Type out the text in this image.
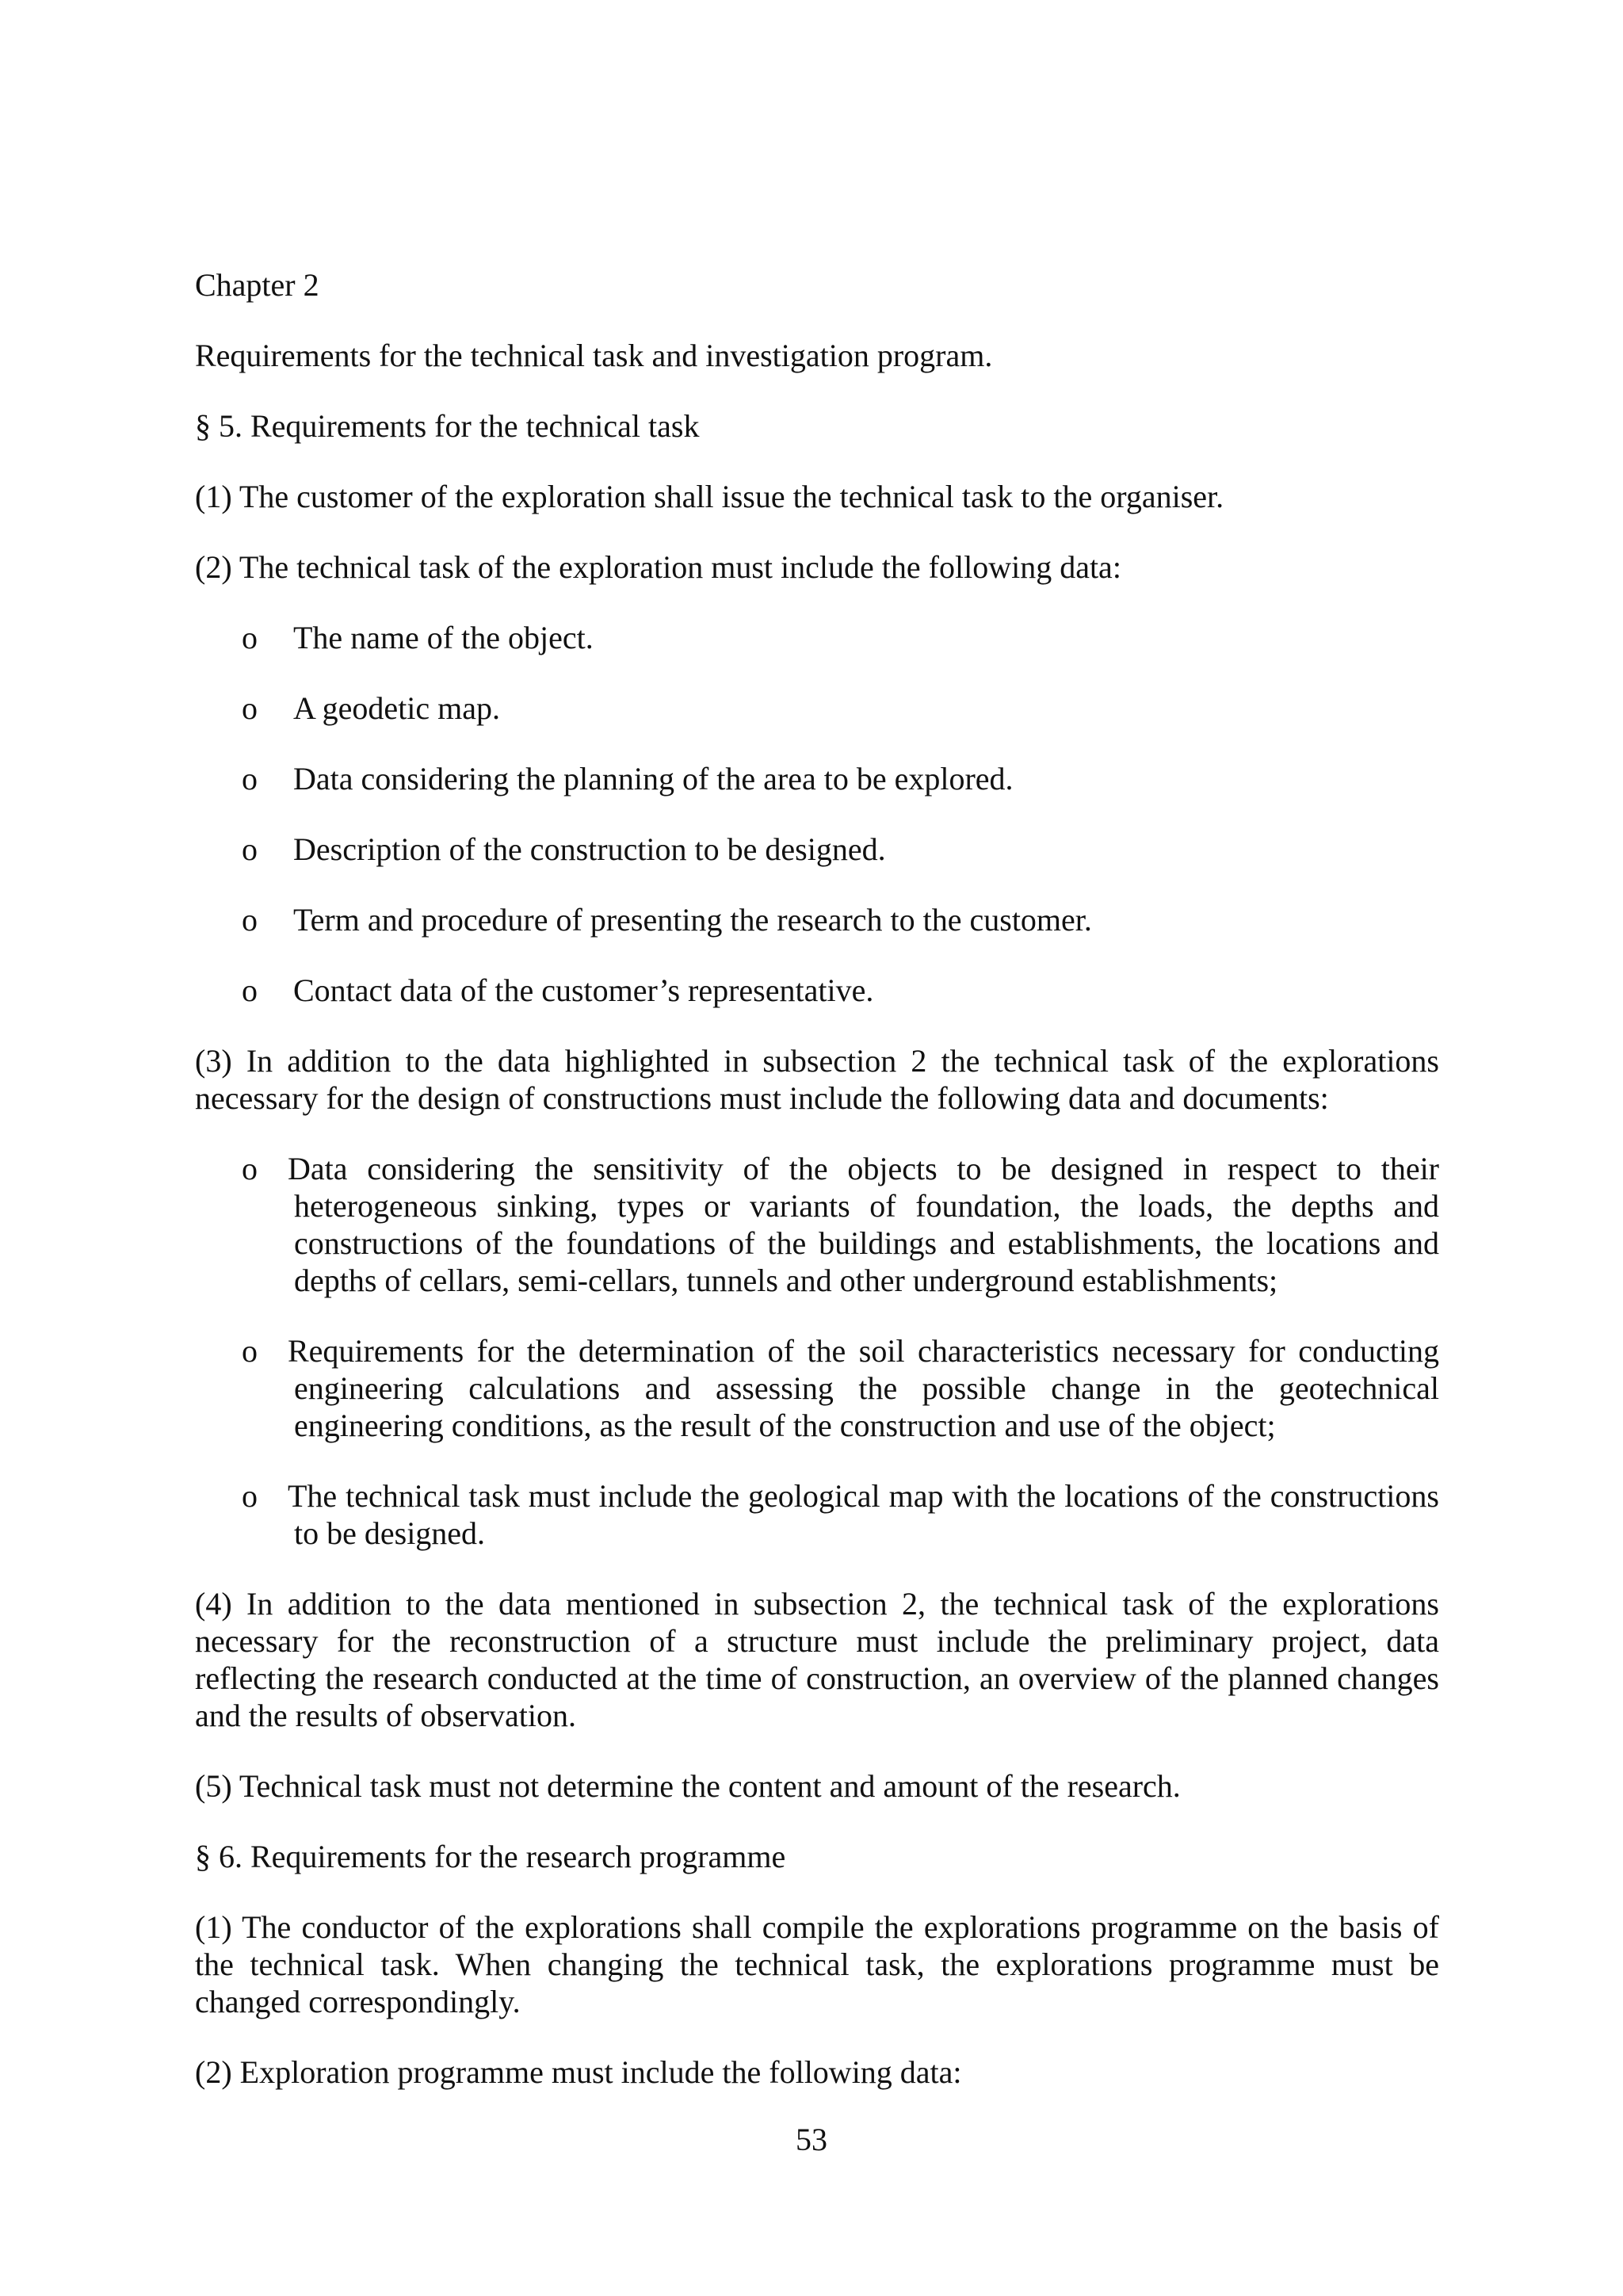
Chapter 2

Requirements for the technical task and investigation program.

§ 5. Requirements for the technical task

(1) The customer of the exploration shall issue the technical task to the organiser.

(2) The technical task of the exploration must include the following data:

o The name of the object.
o A geodetic map.
o Data considering the planning of the area to be explored.
o Description of the construction to be designed.
o Term and procedure of presenting the research to the customer.
o Contact data of the customer’s representative.

(3) In addition to the data highlighted in subsection 2 the technical task of the explorations necessary for the design of constructions must include the following data and documents:

o Data considering the sensitivity of the objects to be designed in respect to their heterogeneous sinking, types or variants of foundation, the loads, the depths and constructions of the foundations of the buildings and establishments, the locations and depths of cellars, semi-cellars, tunnels and other underground establishments;
o Requirements for the determination of the soil characteristics necessary for conducting engineering calculations and assessing the possible change in the geotechnical engineering conditions, as the result of the construction and use of the object;
o The technical task must include the geological map with the locations of the constructions to be designed.

(4) In addition to the data mentioned in subsection 2, the technical task of the explorations necessary for the reconstruction of a structure must include the preliminary project, data reflecting the research conducted at the time of construction, an overview of the planned changes and the results of observation.

(5) Technical task must not determine the content and amount of the research.

§ 6. Requirements for the research programme

(1) The conductor of the explorations shall compile the explorations programme on the basis of the technical task. When changing the technical task, the explorations programme must be changed correspondingly.

(2) Exploration programme must include the following data:

53
